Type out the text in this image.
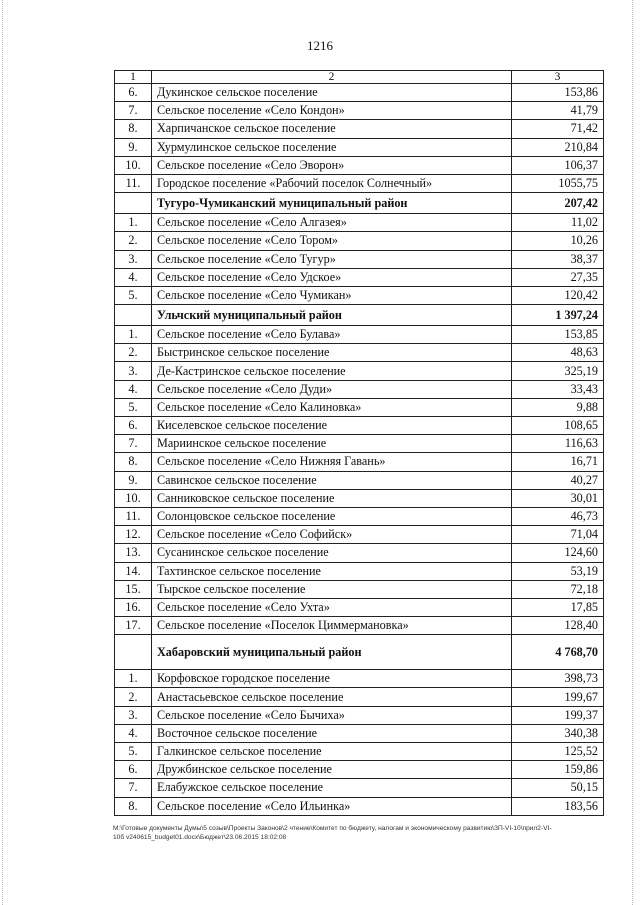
1216
1	2	3
6.	Дукинское сельское поселение	153,86
7.	Сельское поселение «Село Кондон»	41,79
8.	Харпичанское сельское поселение	71,42
9.	Хурмулинское сельское поселение	210,84
10.	Сельское поселение «Село Эворон»	106,37
11.	Городское поселение «Рабочий поселок Солнечный»	1055,75
	Тугуро-Чумиканский муниципальный район	207,42
1.	Сельское поселение «Село Алгазея»	11,02
2.	Сельское поселение «Село Тором»	10,26
3.	Сельское поселение «Село Тугур»	38,37
4.	Сельское поселение «Село Удское»	27,35
5.	Сельское поселение «Село Чумикан»	120,42
	Ульчский муниципальный район	1 397,24
1.	Сельское поселение «Село Булава»	153,85
2.	Быстринское сельское поселение	48,63
3.	Де-Кастринское сельское поселение	325,19
4.	Сельское поселение «Село Дуди»	33,43
5.	Сельское поселение «Село Калиновка»	9,88
6.	Киселевское сельское поселение	108,65
7.	Мариинское сельское поселение	116,63
8.	Сельское поселение «Село Нижняя Гавань»	16,71
9.	Савинское сельское поселение	40,27
10.	Санниковское сельское поселение	30,01
11.	Солонцовское сельское поселение	46,73
12.	Сельское поселение «Село Софийск»	71,04
13.	Сусанинское сельское поселение	124,60
14.	Тахтинское сельское поселение	53,19
15.	Тырское сельское поселение	72,18
16.	Сельское поселение «Село Ухта»	17,85
17.	Сельское поселение «Поселок Циммермановка»	128,40
	Хабаровский муниципальный район	4 768,70
1.	Корфовское городское поселение	398,73
2.	Анастасьевское сельское поселение	199,67
3.	Сельское поселение «Село Бычиха»	199,37
4.	Восточное сельское поселение	340,38
5.	Галкинское сельское поселение	125,52
6.	Дружбинское сельское поселение	159,86
7.	Елабужское сельское поселение	50,15
8.	Сельское поселение «Село Ильинка»	183,56
M:\Готовые документы Думы\5 созыв\Проекты Законов\2 чтение\Комитет по бюджету, налогам и экономическому развитию\ЗП-VI-10\прил2-VI-
10б v240615_budget01.docx\Бюджет\23.06.2015 18:02:08
